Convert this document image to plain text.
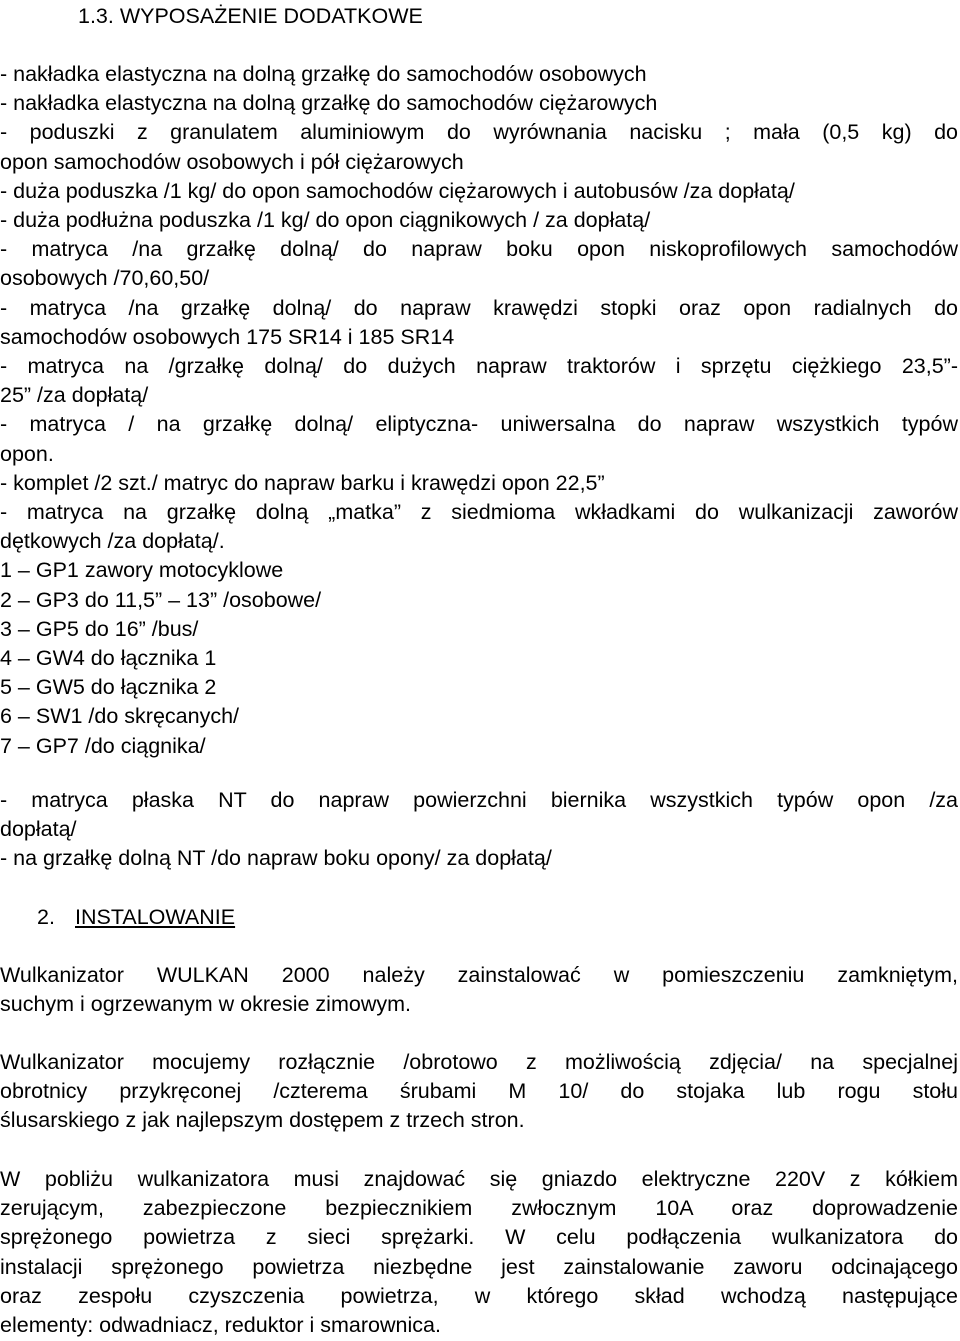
1.3. WYPOSAŻENIE DODATKOWE
- nakładka elastyczna na dolną grzałkę do samochodów osobowych
- nakładka elastyczna na dolną grzałkę do samochodów ciężarowych
- poduszki z granulatem aluminiowym do wyrównania nacisku ; mała (0,5 kg) do
opon samochodów osobowych i pół ciężarowych
- duża poduszka /1 kg/ do opon samochodów ciężarowych i autobusów /za dopłatą/
- duża podłużna poduszka /1 kg/ do opon ciągnikowych / za dopłatą/
- matryca /na grzałkę dolną/ do napraw boku opon niskoprofilowych samochodów
osobowych /70,60,50/
- matryca /na grzałkę dolną/ do napraw krawędzi stopki oraz opon radialnych do
samochodów osobowych 175 SR14 i 185 SR14
- matryca na /grzałkę dolną/ do dużych napraw traktorów i sprzętu ciężkiego 23,5”-
25” /za dopłatą/
- matryca / na grzałkę dolną/ eliptyczna- uniwersalna do napraw wszystkich typów
opon.
- komplet /2 szt./ matryc do napraw barku i krawędzi opon 22,5”
- matryca na grzałkę dolną „matka” z siedmioma wkładkami do wulkanizacji zaworów
dętkowych /za dopłatą/.
1 – GP1 zawory motocyklowe
2 – GP3 do 11,5” – 13” /osobowe/
3 – GP5 do 16” /bus/
4 – GW4 do łącznika 1
5 – GW5 do łącznika 2
6 – SW1 /do skręcanych/
7 – GP7 /do ciągnika/
- matryca płaska NT do napraw powierzchni biernika wszystkich typów opon /za
dopłatą/
- na grzałkę dolną NT /do napraw boku opony/ za dopłatą/
2. INSTALOWANIE
Wulkanizator WULKAN 2000 należy zainstalować w pomieszczeniu zamkniętym,
suchym i ogrzewanym w okresie zimowym.
Wulkanizator mocujemy rozłącznie /obrotowo z możliwością zdjęcia/ na specjalnej
obrotnicy przykręconej /czterema śrubami M 10/ do stojaka lub rogu stołu
ślusarskiego z jak najlepszym dostępem z trzech stron.
W pobliżu wulkanizatora musi znajdować się gniazdo elektryczne 220V z kółkiem
zerującym, zabezpieczone bezpiecznikiem zwłocznym 10A oraz doprowadzenie
sprężonego powietrza z sieci sprężarki. W celu podłączenia wulkanizatora do
instalacji sprężonego powietrza niezbędne jest zainstalowanie zaworu odcinającego
oraz zespołu czyszczenia powietrza, w którego skład wchodzą następujące
elementy: odwadniacz, reduktor i smarownica.
